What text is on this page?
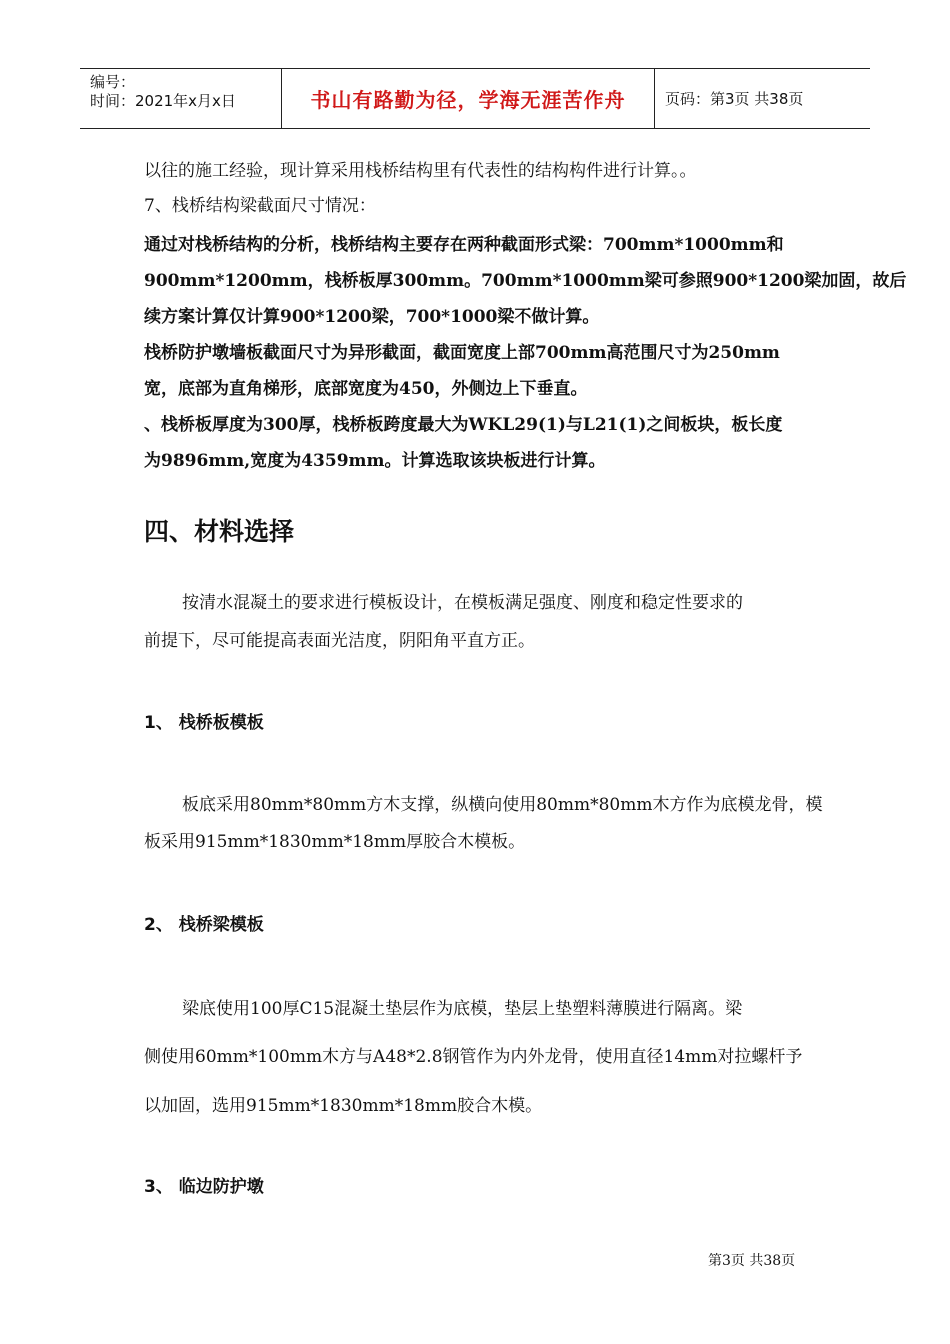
编号：
时间：2021年x月x日	书山有路勤为径，学海无涯苦作舟	页码：第3页 共38页
以往的施工经验，现计算采用栈桥结构里有代表性的结构构件进行计算。。
7、栈桥结构梁截面尺寸情况：
通过对栈桥结构的分析，栈桥结构主要存在两种截面形式梁：700mm*1000mm和
900mm*1200mm，栈桥板厚300mm。700mm*1000mm梁可参照900*1200梁加固，故后
续方案计算仅计算900*1200梁，700*1000梁不做计算。
栈桥防护墩墙板截面尺寸为异形截面，截面宽度上部700mm高范围尺寸为250mm
宽，底部为直角梯形，底部宽度为450，外侧边上下垂直。
、栈桥板厚度为300厚，栈桥板跨度最大为WKL29(1)与L21(1)之间板块，板长度
为9896mm,宽度为4359mm。计算选取该块板进行计算。
四、材料选择
按清水混凝土的要求进行模板设计，在模板满足强度、刚度和稳定性要求的
前提下，尽可能提高表面光洁度，阴阳角平直方正。
1、 栈桥板模板
板底采用80mm*80mm方木支撑，纵横向使用80mm*80mm木方作为底模龙骨，模
板采用915mm*1830mm*18mm厚胶合木模板。
2、 栈桥梁模板
梁底使用100厚C15混凝土垫层作为底模，垫层上垫塑料薄膜进行隔离。梁
侧使用60mm*100mm木方与A48*2.8钢管作为内外龙骨，使用直径14mm对拉螺杆予
以加固，选用915mm*1830mm*18mm胶合木模。
3、 临边防护墩
第3页 共38页
